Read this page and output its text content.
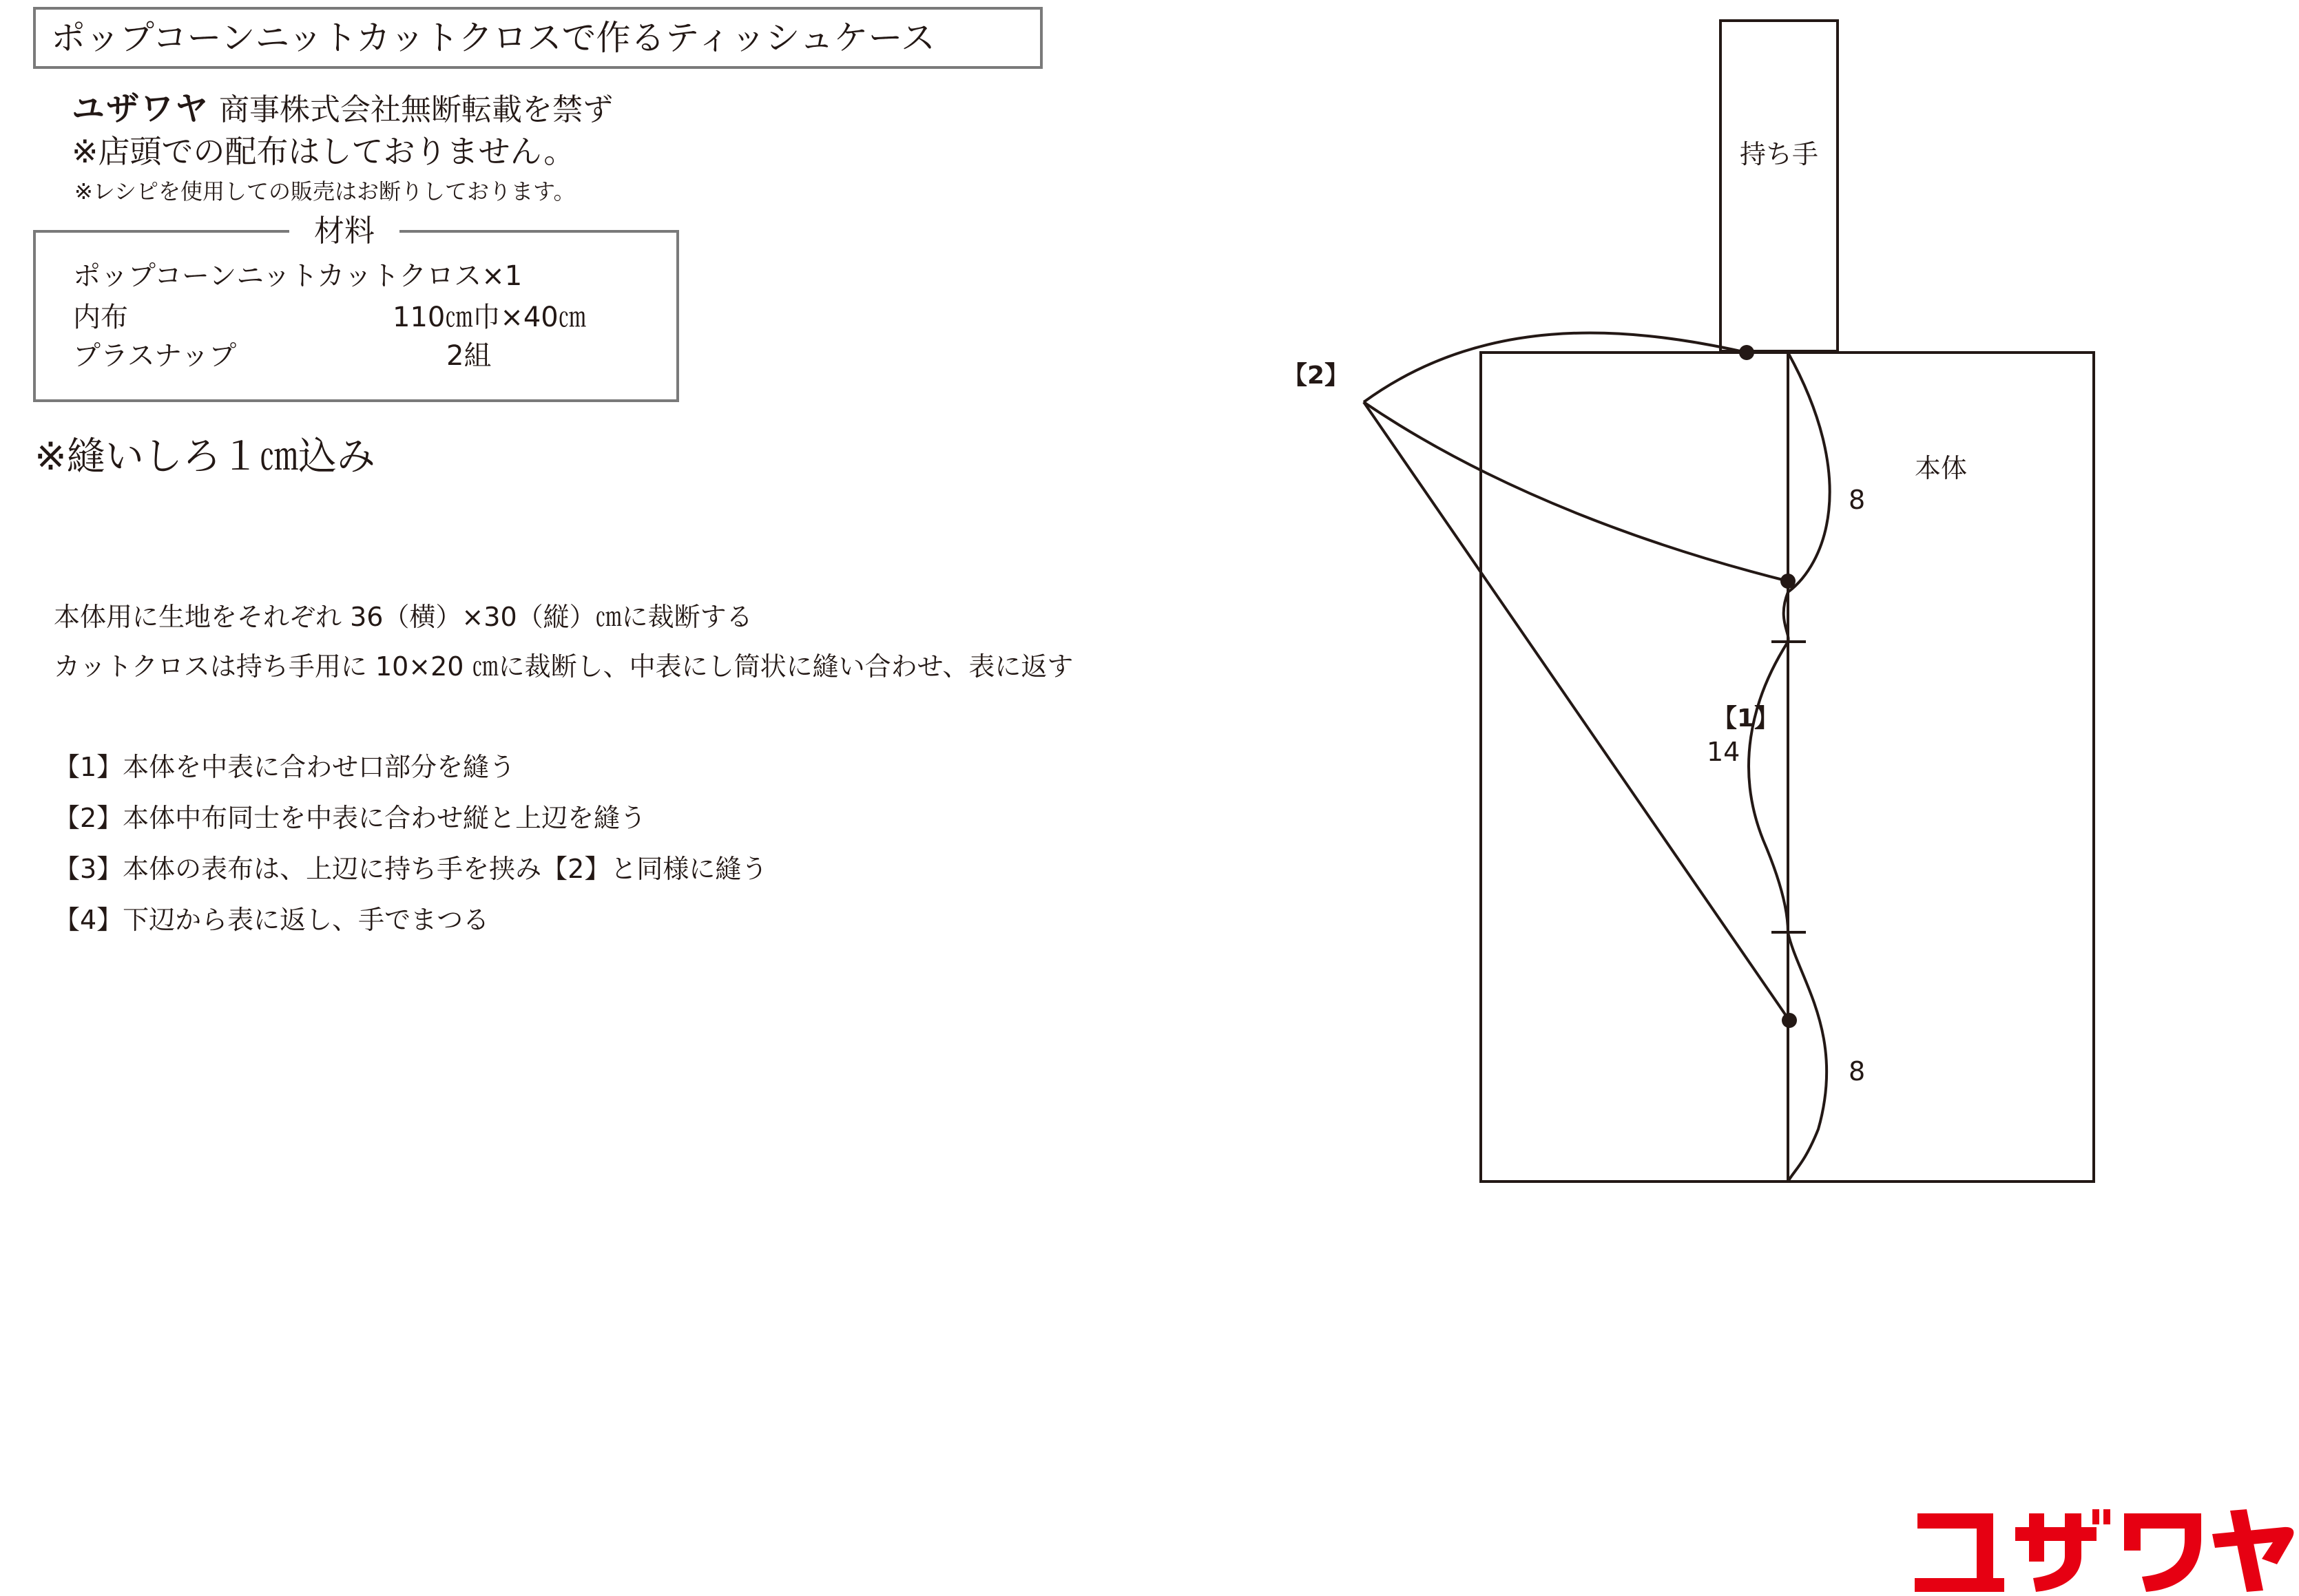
ポップコーンニットカットクロスで作るティッシュケース
ユザワヤ 商事株式会社無断転載を禁ず
※店頭での配布はしておりません。
※レシピを使用しての販売はお断りしております。
材料
ポップコーンニットカットクロス×1
内布	110㎝巾×40㎝
プラスナップ	2組
※縫いしろ１㎝込み
本体用に生地をそれぞれ 36（横）×30（縦）㎝に裁断する
カットクロスは持ち手用に 10×20 ㎝に裁断し、中表にし筒状に縫い合わせ、表に返す
【1】本体を中表に合わせ口部分を縫う
【2】本体中布同士を中表に合わせ縦と上辺を縫う
【3】本体の表布は、上辺に持ち手を挟み【2】と同様に縫う
【4】下辺から表に返し、手でまつる
持ち手
本体
8
14
8
【1】
【2】
